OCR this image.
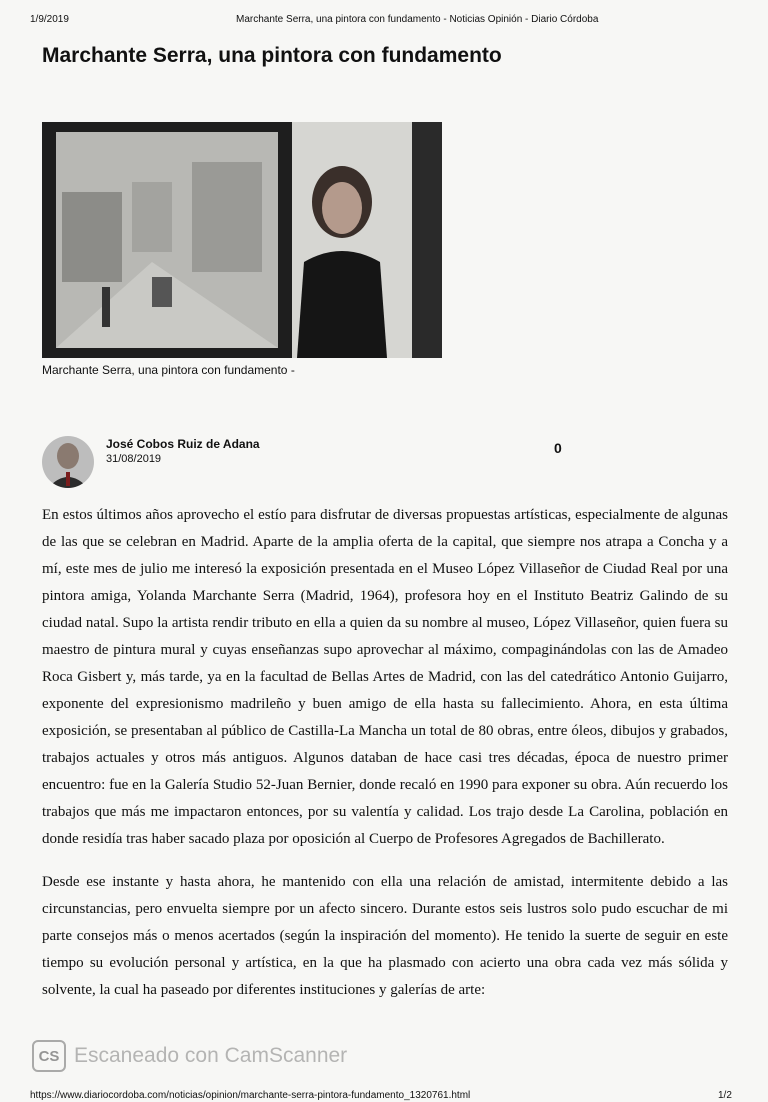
1/9/2019	Marchante Serra, una pintora con fundamento - Noticias Opinión - Diario Córdoba
Marchante Serra, una pintora con fundamento
Marchante Serra, una pintora con fundamento -
José Cobos Ruiz de Adana
31/08/2019
0

En estos últimos años aprovecho el estío para disfrutar de diversas propuestas artísticas, especialmente de algunas de las que se celebran en Madrid. Aparte de la amplia oferta de la capital, que siempre nos atrapa a Concha y a mí, este mes de julio me interesó la exposición presentada en el Museo López Villaseñor de Ciudad Real por una pintora amiga, Yolanda Marchante Serra (Madrid, 1964), profesora hoy en el Instituto Beatriz Galindo de su ciudad natal. Supo la artista rendir tributo en ella a quien da su nombre al museo, López Villaseñor, quien fuera su maestro de pintura mural y cuyas enseñanzas supo aprovechar al máximo, compaginándolas con las de Amadeo Roca Gisbert y, más tarde, ya en la facultad de Bellas Artes de Madrid, con las del catedrático Antonio Guijarro, exponente del expresionismo madrileño y buen amigo de ella hasta su fallecimiento. Ahora, en esta última exposición, se presentaban al público de Castilla-La Mancha un total de 80 obras, entre óleos, dibujos y grabados, trabajos actuales y otros más antiguos. Algunos databan de hace casi tres décadas, época de nuestro primer encuentro: fue en la Galería Studio 52-Juan Bernier, donde recaló en 1990 para exponer su obra. Aún recuerdo los trabajos que más me impactaron entonces, por su valentía y calidad. Los trajo desde La Carolina, población en donde residía tras haber sacado plaza por oposición al Cuerpo de Profesores Agregados de Bachillerato.

Desde ese instante y hasta ahora, he mantenido con ella una relación de amistad, intermitente debido a las circunstancias, pero envuelta siempre por un afecto sincero. Durante estos seis lustros solo pudo escuchar de mi parte consejos más o menos acertados (según la inspiración del momento). He tenido la suerte de seguir en este tiempo su evolución personal y artística, en la que ha plasmado con acierto una obra cada vez más sólida y solvente, la cual ha paseado por diferentes instituciones y galerías de arte:

CS Escaneado con CamScanner
https://www.diariocordoba.com/noticias/opinion/marchante-serra-pintora-fundamento_1320761.html	1/2
